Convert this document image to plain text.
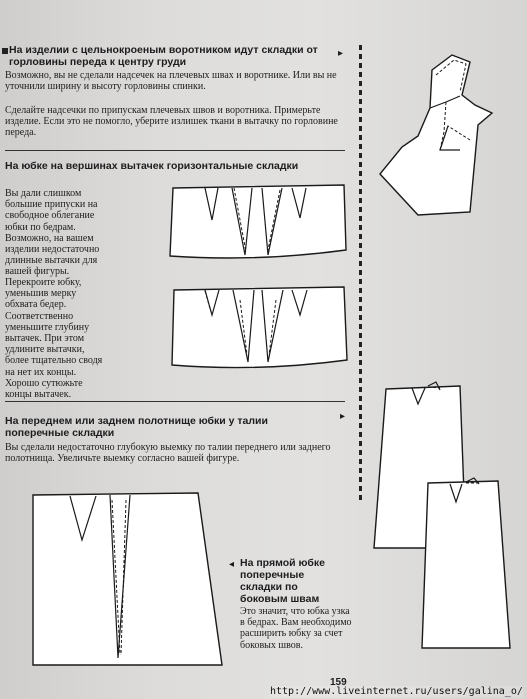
На изделии с цельнокроеным воротником идут складки от горловины переда к центру груди

▸

Возможно, вы не сделали надсечек на плечевых швах и воротнике. Или вы не уточнили ширину и высоту горловины спинки.

Сделайте надсечки по припускам плечевых швов и воротника. Примерьте изделие. Если это не помогло, уберите излишек ткани в вытачку по горловине переда.

На юбке на вершинах вытачек горизонтальные складки

Вы дали слишком большие припуски на свободное облегание юбки по бедрам. Возможно, на вашем изделии недостаточно длинные вытачки для вашей фигуры.

Перекроите юбку, уменьшив мерку обхвата бедер. Соответственно уменьшите глубину вытачек. При этом удлините вытачки, более тщательно сводя на нет их концы. Хорошо сутюжьте концы вытачек.

На переднем или заднем полотнище юбки у талии поперечные складки

▸

Вы сделали недостаточно глубокую выемку по талии переднего или заднего полотнища. Увеличьте выемку согласно вашей фигуре.

◂ На прямой юбке поперечные складки по боковым швам

Это значит, что юбка узка в бедрах. Вам необходимо расширить юбку за счет боковых швов.

159
http://www.liveinternet.ru/users/galina_o/
